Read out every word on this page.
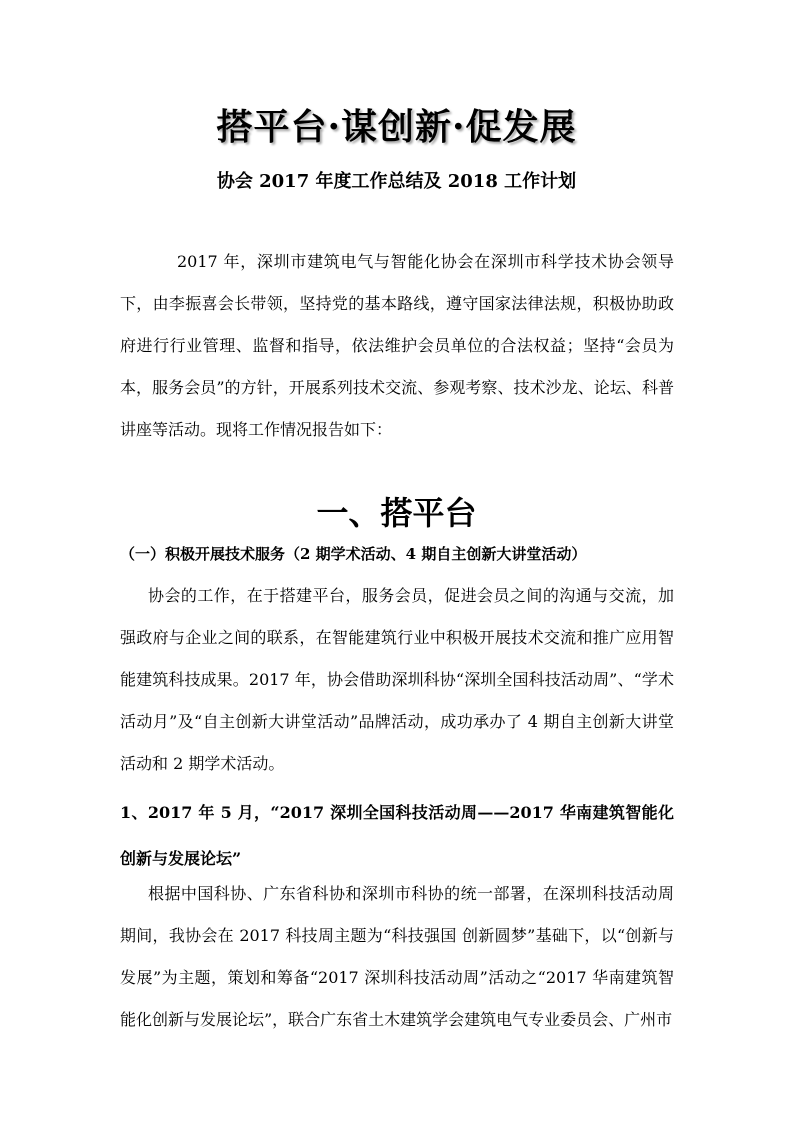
搭平台·谋创新·促发展
协会 2017 年度工作总结及 2018 工作计划

2017 年，深圳市建筑电气与智能化协会在深圳市科学技术协会领导下，由李振喜会长带领，坚持党的基本路线，遵守国家法律法规，积极协助政府进行行业管理、监督和指导，依法维护会员单位的合法权益；坚持“会员为本，服务会员”的方针，开展系列技术交流、参观考察、技术沙龙、论坛、科普讲座等活动。现将工作情况报告如下：

一、搭平台
（一）积极开展技术服务（2 期学术活动、4 期自主创新大讲堂活动）

协会的工作，在于搭建平台，服务会员，促进会员之间的沟通与交流，加强政府与企业之间的联系，在智能建筑行业中积极开展技术交流和推广应用智能建筑科技成果。2017 年，协会借助深圳科协“深圳全国科技活动周”、“学术活动月”及“自主创新大讲堂活动”品牌活动，成功承办了 4 期自主创新大讲堂活动和 2 期学术活动。

1、2017 年 5 月，“2017 深圳全国科技活动周——2017 华南建筑智能化创新与发展论坛”

根据中国科协、广东省科协和深圳市科协的统一部署，在深圳科技活动周期间，我协会在 2017 科技周主题为“科技强国 创新圆梦”基础下，以“创新与发展”为主题，策划和筹备“2017 深圳科技活动周”活动之“2017 华南建筑智能化创新与发展论坛”，联合广东省土木建筑学会建筑电气专业委员会、广州市
